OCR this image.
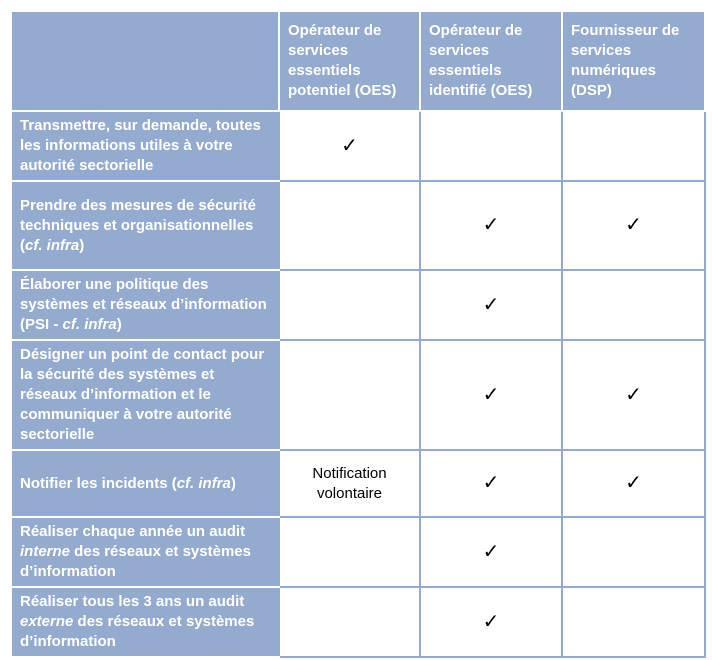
	Opérateur de services essentiels potentiel (OES)	Opérateur de services essentiels identifié (OES)	Fournisseur de services numériques (DSP)
Transmettre, sur demande, toutes les informations utiles à votre autorité sectorielle	✓		
Prendre des mesures de sécurité techniques et organisationnelles (cf. infra)		✓	✓
Élaborer une politique des systèmes et réseaux d’information (PSI - cf. infra)		✓	
Désigner un point de contact pour la sécurité des systèmes et réseaux d’information et le communiquer à votre autorité sectorielle		✓	✓
Notifier les incidents (cf. infra)	Notification volontaire	✓	✓
Réaliser chaque année un audit interne des réseaux et systèmes d’information		✓	
Réaliser tous les 3 ans un audit externe des réseaux et systèmes d’information		✓	
